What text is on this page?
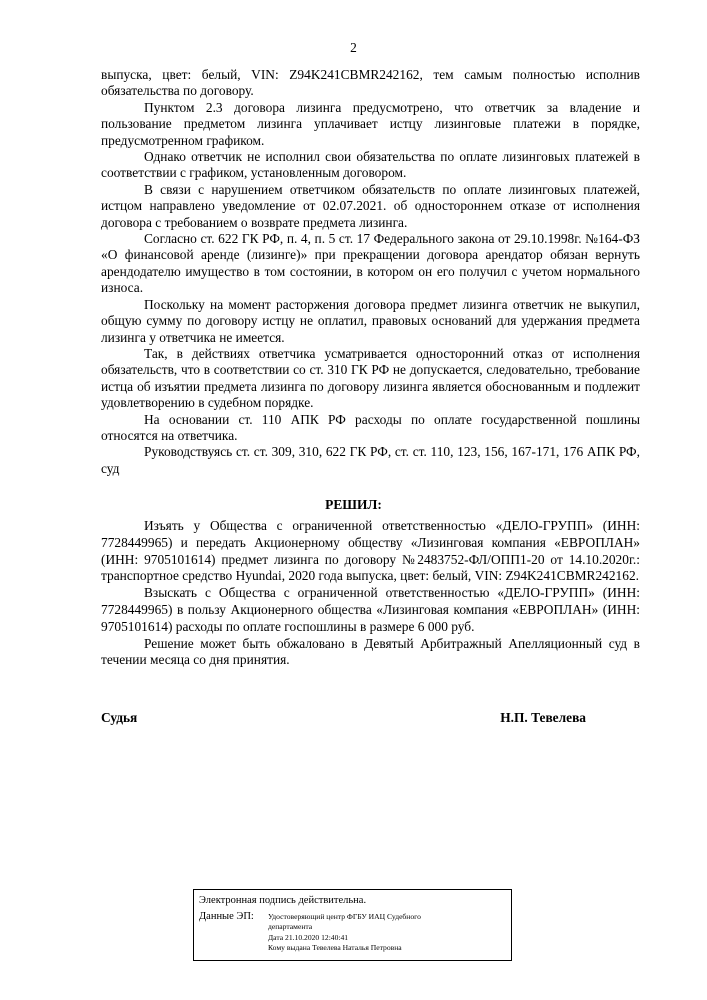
2

выпуска, цвет: белый, VIN: Z94K241CBMR242162, тем самым полностью исполнив обязательства по договору.

Пунктом 2.3 договора лизинга предусмотрено, что ответчик за владение и пользование предметом лизинга уплачивает истцу лизинговые платежи в порядке, предусмотренном графиком.

Однако ответчик не исполнил свои обязательства по оплате лизинговых платежей в соответствии с графиком, установленным договором.

В связи с нарушением ответчиком обязательств по оплате лизинговых платежей, истцом направлено уведомление от 02.07.2021. об одностороннем отказе от исполнения договора с требованием о возврате предмета лизинга.

Согласно ст. 622 ГК РФ, п. 4, п. 5 ст. 17 Федерального закона от 29.10.1998г. №164-ФЗ «О финансовой аренде (лизинге)» при прекращении договора арендатор обязан вернуть арендодателю имущество в том состоянии, в котором он его получил с учетом нормального износа.

Поскольку на момент расторжения договора предмет лизинга ответчик не выкупил, общую сумму по договору истцу не оплатил, правовых оснований для удержания предмета лизинга у ответчика не имеется.

Так, в действиях ответчика усматривается односторонний отказ от исполнения обязательств, что в соответствии со ст. 310 ГК РФ не допускается, следовательно, требование истца об изъятии предмета лизинга по договору лизинга является обоснованным и подлежит удовлетворению в судебном порядке.

На основании ст. 110 АПК РФ расходы по оплате государственной пошлины относятся на ответчика.

Руководствуясь ст. ст. 309, 310, 622 ГК РФ, ст. ст. 110, 123, 156, 167-171, 176 АПК РФ, суд

РЕШИЛ:

Изъять у Общества с ограниченной ответственностью «ДЕЛО-ГРУПП» (ИНН: 7728449965) и передать Акционерному обществу «Лизинговая компания «ЕВРОПЛАН» (ИНН: 9705101614) предмет лизинга по договору №2483752-ФЛ/ОПП1-20 от 14.10.2020г.: транспортное средство Hyundai, 2020 года выпуска, цвет: белый, VIN: Z94K241CBMR242162.

Взыскать с Общества с ограниченной ответственностью «ДЕЛО-ГРУПП» (ИНН: 7728449965) в пользу Акционерного общества «Лизинговая компания «ЕВРОПЛАН» (ИНН: 9705101614) расходы по оплате госпошлины в размере 6 000 руб.

Решение может быть обжаловано в Девятый Арбитражный Апелляционный суд в течении месяца со дня принятия.

Судья	Н.П. Тевелева
Электронная подпись действительна.
Данные ЭП: Удостоверяющий центр ФГБУ ИАЦ Судебного
департамента
Дата 21.10.2020 12:40:41
Кому выдана Тевелева Наталья Петровна
